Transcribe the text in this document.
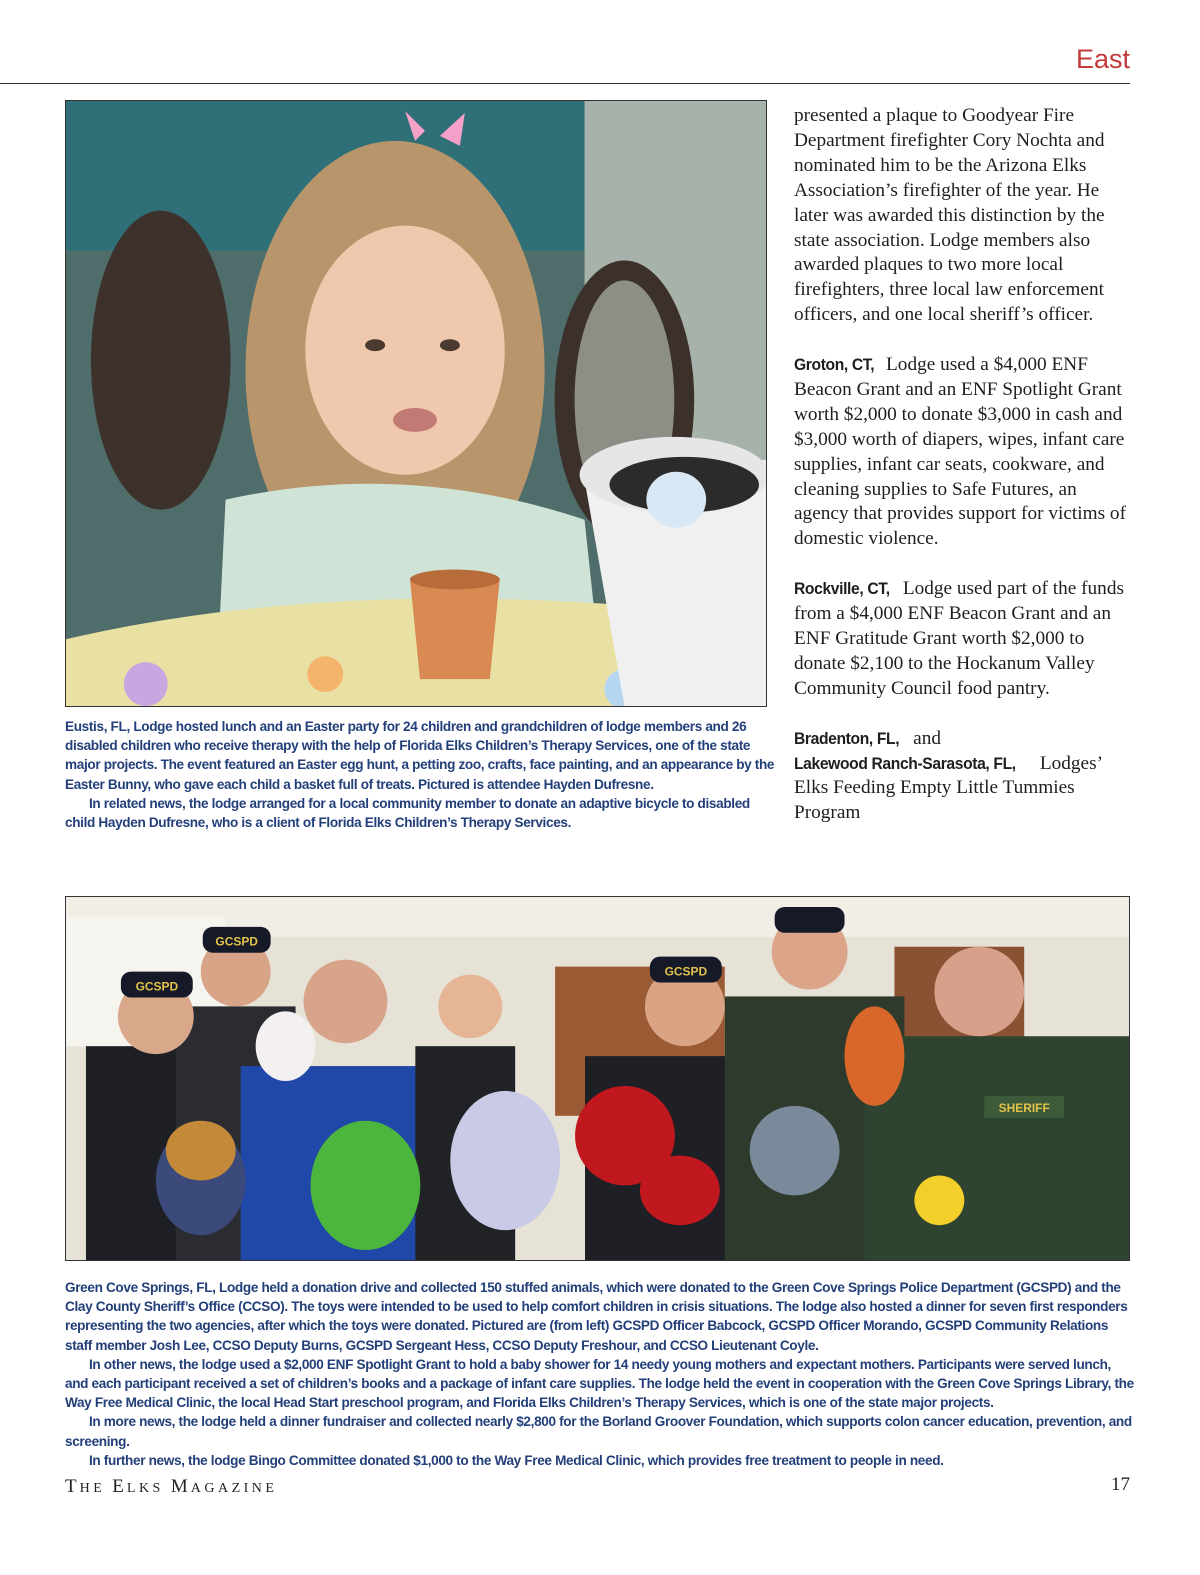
East

presented a plaque to Goodyear Fire Department firefighter Cory Nochta and nominated him to be the Arizona Elks Association’s firefighter of the year. He later was awarded this distinction by the state association. Lodge members also awarded plaques to two more local firefighters, three local law enforcement officers, and one local sheriff’s officer.

Groton, CT, Lodge used a $4,000 ENF Beacon Grant and an ENF Spotlight Grant worth $2,000 to donate $3,000 in cash and $3,000 worth of diapers, wipes, infant care supplies, infant car seats, cookware, and cleaning supplies to Safe Futures, an agency that provides support for victims of domestic violence.

Rockville, CT, Lodge used part of the funds from a $4,000 ENF Beacon Grant and an ENF Gratitude Grant worth $2,000 to donate $2,100 to the Hockanum Valley Community Council food pantry.

Bradenton, FL, and Lakewood Ranch-Sarasota, FL, Lodges’ Elks Feeding Empty Little Tummies Program

Eustis, FL, Lodge hosted lunch and an Easter party for 24 children and grandchildren of lodge members and 26 disabled children who receive therapy with the help of Florida Elks Children’s Therapy Services, one of the state major projects. The event featured an Easter egg hunt, a petting zoo, crafts, face painting, and an appearance by the Easter Bunny, who gave each child a basket full of treats. Pictured is attendee Hayden Dufresne.

In related news, the lodge arranged for a local community member to donate an adaptive bicycle to disabled child Hayden Dufresne, who is a client of Florida Elks Children’s Therapy Services.

GCSPD
GCSPD
GCSPD
SHERIFF

Green Cove Springs, FL, Lodge held a donation drive and collected 150 stuffed animals, which were donated to the Green Cove Springs Police Department (GCSPD) and the Clay County Sheriff’s Office (CCSO). The toys were intended to be used to help comfort children in crisis situations. The lodge also hosted a dinner for seven first responders representing the two agencies, after which the toys were donated. Pictured are (from left) GCSPD Officer Babcock, GCSPD Officer Morando, GCSPD Community Relations staff member Josh Lee, CCSO Deputy Burns, GCSPD Sergeant Hess, CCSO Deputy Freshour, and CCSO Lieutenant Coyle.

In other news, the lodge used a $2,000 ENF Spotlight Grant to hold a baby shower for 14 needy young mothers and expectant mothers. Participants were served lunch, and each participant received a set of children’s books and a package of infant care supplies. The lodge held the event in cooperation with the Green Cove Springs Library, the Way Free Medical Clinic, the local Head Start preschool program, and Florida Elks Children’s Therapy Services, which is one of the state major projects.

In more news, the lodge held a dinner fundraiser and collected nearly $2,800 for the Borland Groover Foundation, which supports colon cancer education, prevention, and screening.

In further news, the lodge Bingo Committee donated $1,000 to the Way Free Medical Clinic, which provides free treatment to people in need.

THE ELKS MAGAZINE	17
